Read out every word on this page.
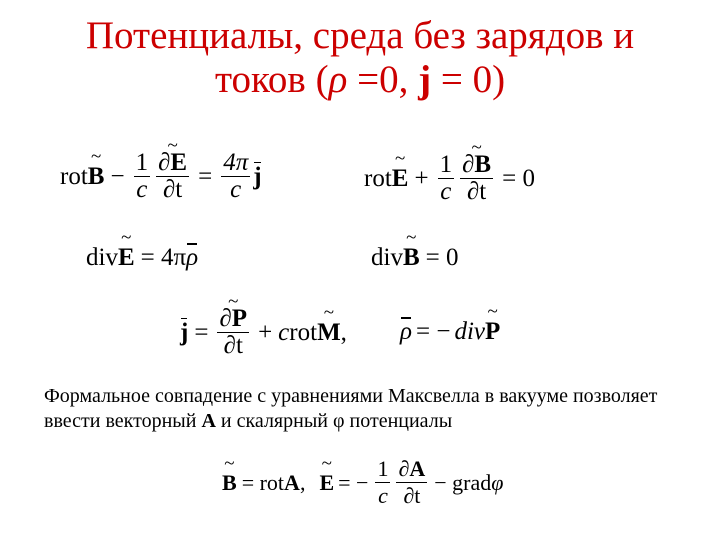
Потенциалы, среда без зарядов и
токов (ρ =0, j = 0)
rot ~ $B - \frac{1}{c}$ ~ $\frac{\partial E}{\partial t} = \frac{4\pi}{c}$ j	rot ~ $E + \frac{1}{c}$ ~ $\frac{\partial B}{\partial t} = 0$
div ~ E = 4π ρ	div ~ B = 0
j = ~ $\frac{\partial P}{\partial t} + c$ rot ~ M , ρ = − div ~ P
Формальное совпадение с уравнениями Максвелла в вакууме позволяет ввести векторный А и скалярный φ потенциалы
~ B = rot A , ~ E = − $\frac{1}{c} \frac{\partial A}{\partial t}$ − grad φ
